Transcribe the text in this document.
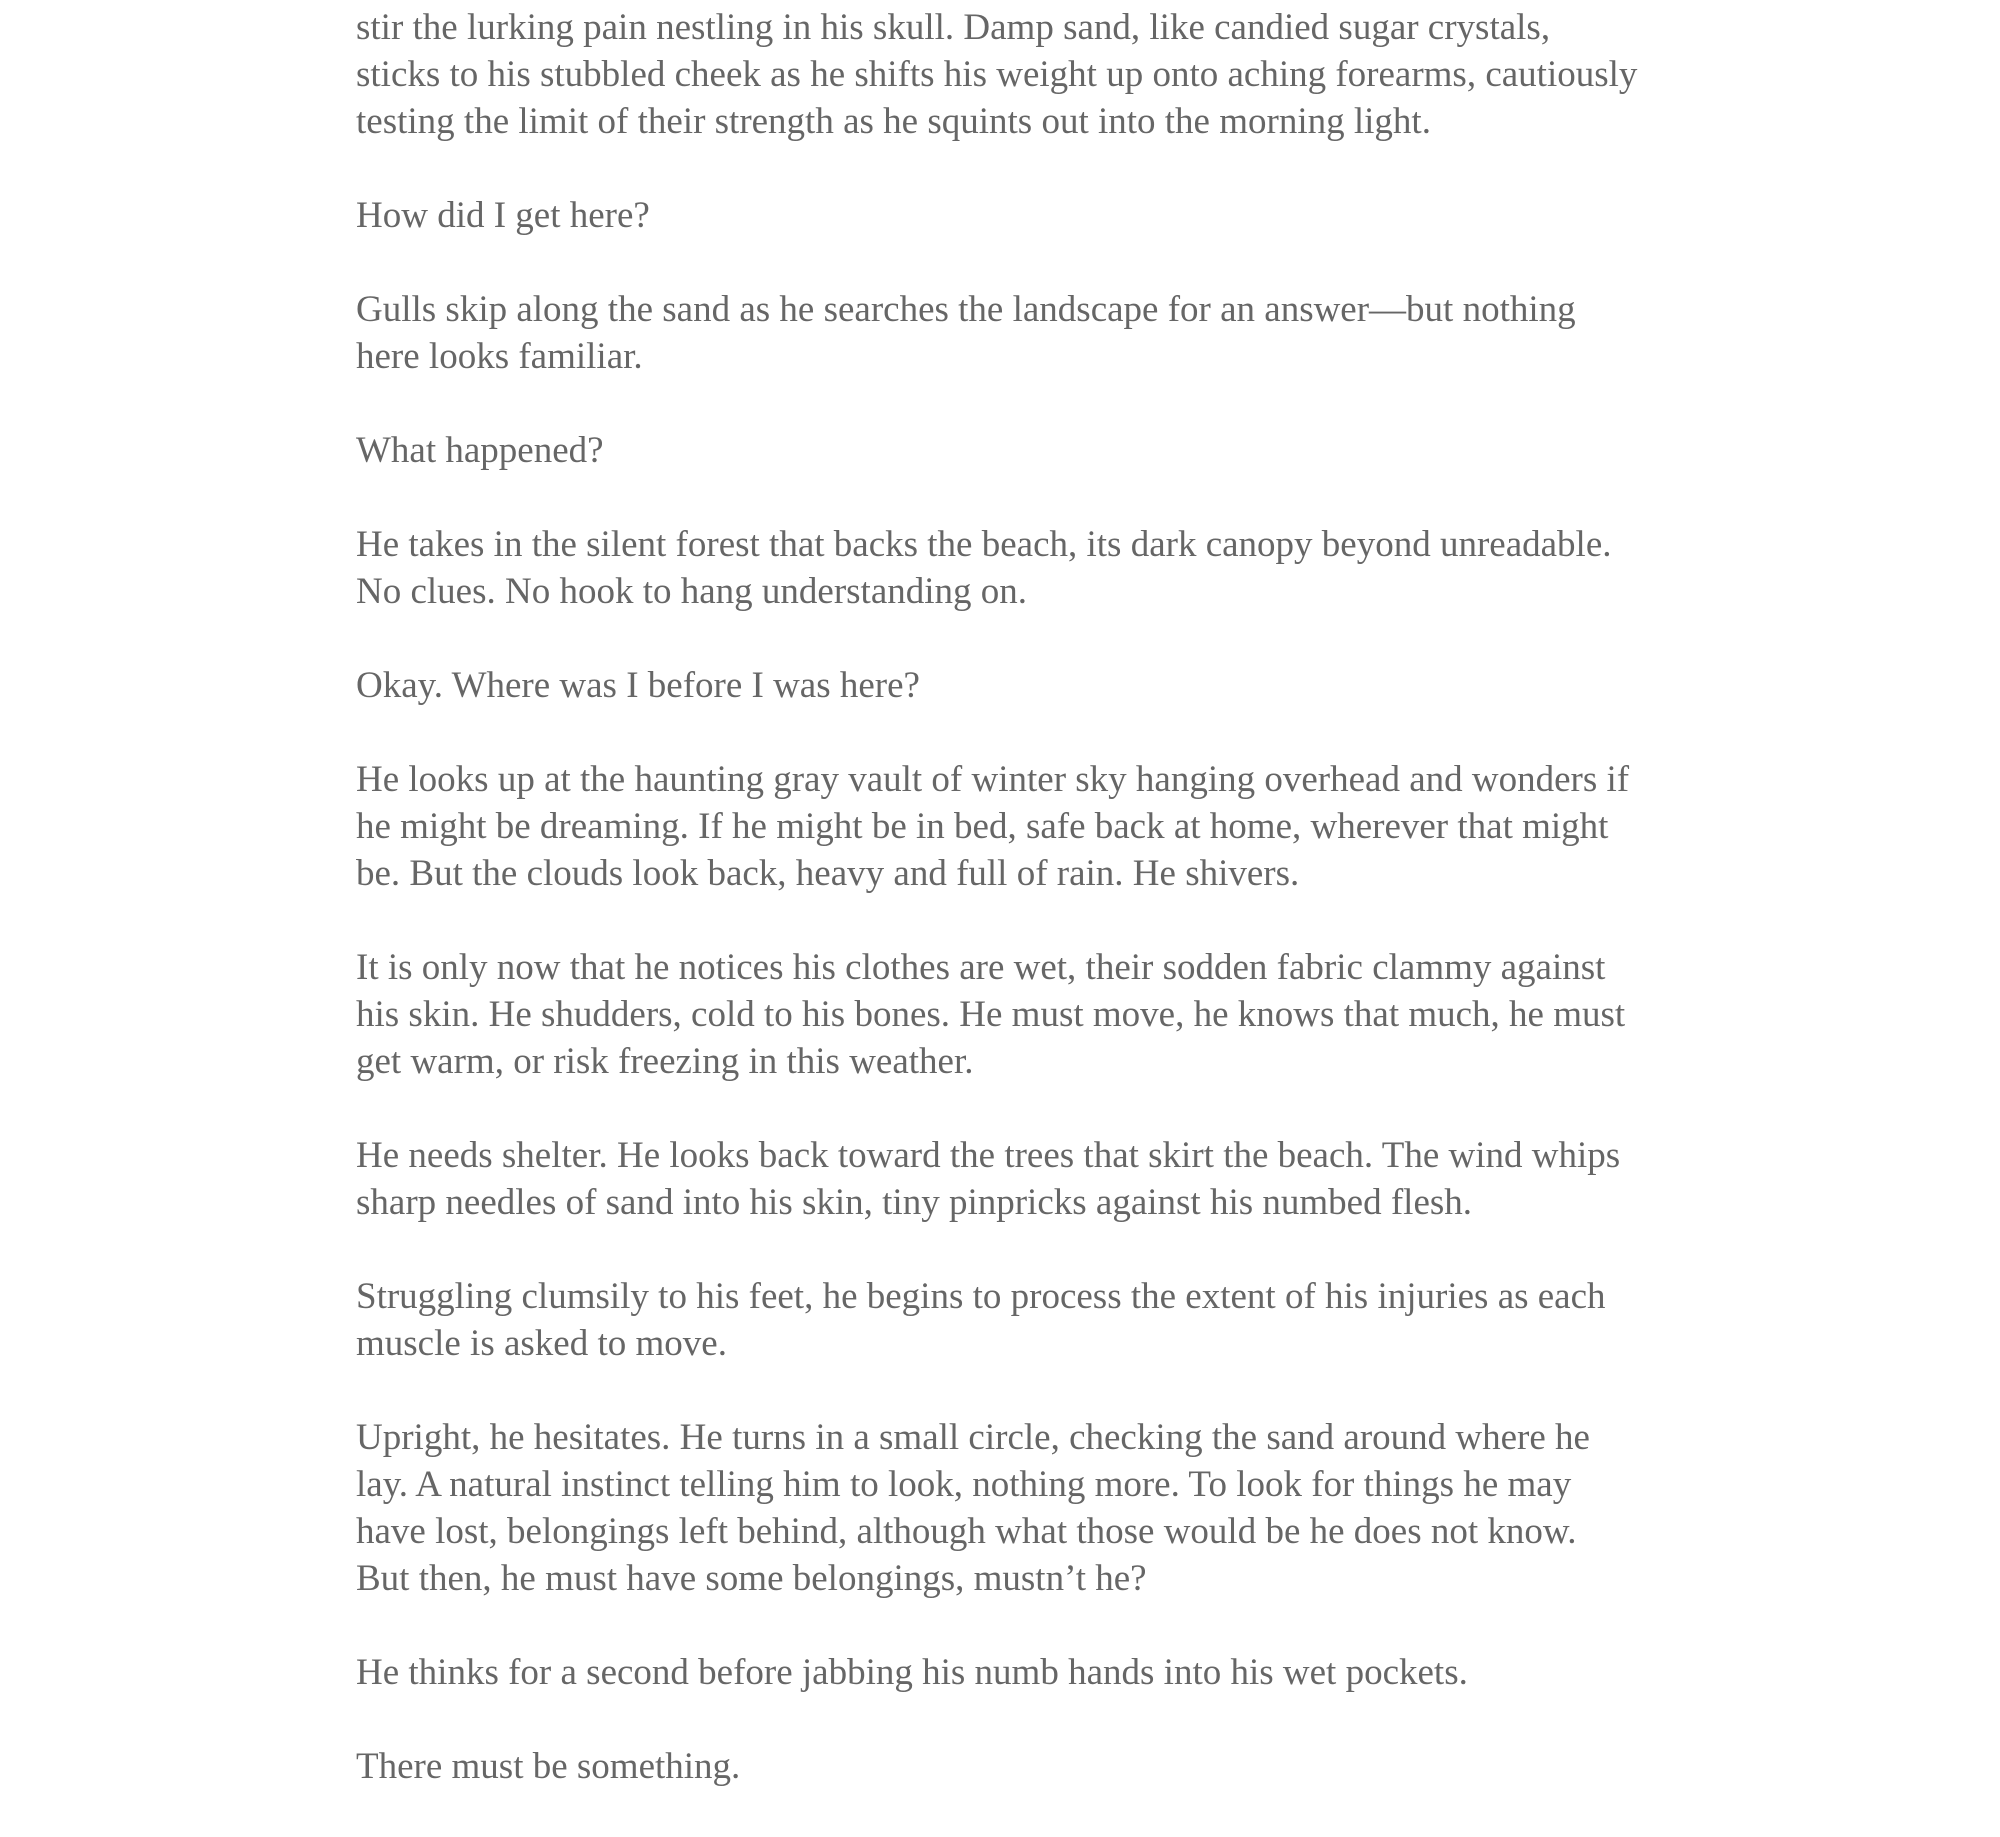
stir the lurking pain nestling in his skull. Damp sand, like candied sugar crystals,
sticks to his stubbled cheek as he shifts his weight up onto aching forearms, cautiously
testing the limit of their strength as he squints out into the morning light.

How did I get here?

Gulls skip along the sand as he searches the landscape for an answer—but nothing
here looks familiar.

What happened?

He takes in the silent forest that backs the beach, its dark canopy beyond unreadable.
No clues. No hook to hang understanding on.

Okay. Where was I before I was here?

He looks up at the haunting gray vault of winter sky hanging overhead and wonders if
he might be dreaming. If he might be in bed, safe back at home, wherever that might
be. But the clouds look back, heavy and full of rain. He shivers.

It is only now that he notices his clothes are wet, their sodden fabric clammy against
his skin. He shudders, cold to his bones. He must move, he knows that much, he must
get warm, or risk freezing in this weather.

He needs shelter. He looks back toward the trees that skirt the beach. The wind whips
sharp needles of sand into his skin, tiny pinpricks against his numbed flesh.

Struggling clumsily to his feet, he begins to process the extent of his injuries as each
muscle is asked to move.

Upright, he hesitates. He turns in a small circle, checking the sand around where he
lay. A natural instinct telling him to look, nothing more. To look for things he may
have lost, belongings left behind, although what those would be he does not know.
But then, he must have some belongings, mustn’t he?

He thinks for a second before jabbing his numb hands into his wet pockets.

There must be something.
